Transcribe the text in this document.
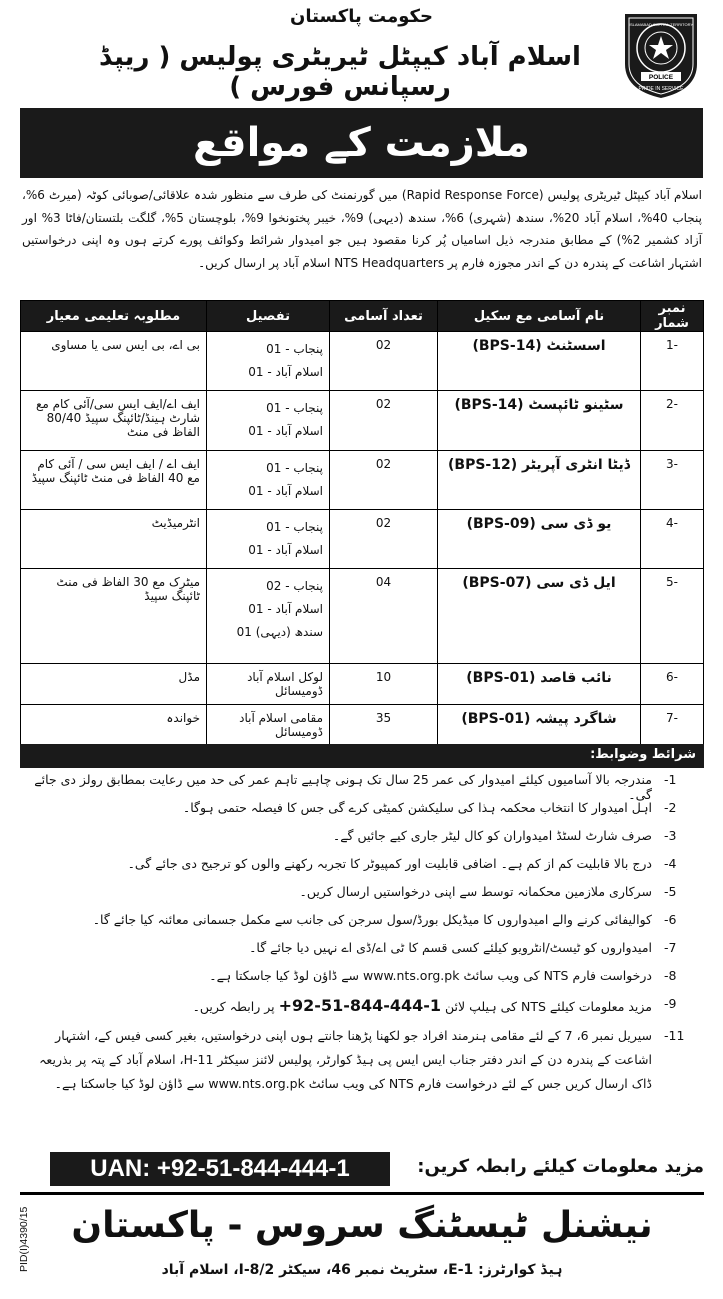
حکومت پاکستان
اسلام آباد کیپٹل ٹیریٹری پولیس ( ریپڈ رسپانس فورس )	POLICE
PRIDE IN SERVICE
ISLAMABAD CAPITAL TERRITORY
ملازمت کے مواقع
اسلام آباد کیپٹل ٹیریٹری پولیس (Rapid Response Force) میں گورنمنٹ کی طرف سے منظور شدہ علاقائی/صوبائی کوٹہ (میرٹ 6%، پنجاب 40%، اسلام آباد 20%، سندھ (شہری) 6%، سندھ (دیہی) 9%، خیبر پختونخوا 9%، بلوچستان 5%، گلگت بلتستان/فاٹا 3% اور آزاد کشمیر 2%) کے مطابق مندرجہ ذیل اسامیاں پُر کرنا مقصود ہیں جو امیدوار شرائط وکوائف پورے کرتے ہوں وہ اپنی درخواستیں اشتہار اشاعت کے پندرہ دن کے اندر مجوزہ فارم پر NTS Headquarters اسلام آباد پر ارسال کریں۔
نمبر شمار	نام آسامی مع سکیل	تعداد آسامی	تفصیل	مطلوبہ تعلیمی معیار
-1	اسسٹنٹ (BPS-14)	02	پنجاب - 01
اسلام آباد - 01	بی اے، بی ایس سی یا مساوی
-2	سٹینو ٹائپسٹ (BPS-14)	02	پنجاب - 01
اسلام آباد - 01	ایف اے/ایف ایس سی/آئی کام مع شارٹ ہینڈ/ٹائپنگ سپیڈ 80/40 الفاظ فی منٹ
-3	ڈیٹا انٹری آپریٹر (BPS-12)	02	پنجاب - 01
اسلام آباد - 01	ایف اے / ایف ایس سی / آئی کام مع 40 الفاظ فی منٹ ٹائپنگ سپیڈ
-4	یو ڈی سی (BPS-09)	02	پنجاب - 01
اسلام آباد - 01	انٹرمیڈیٹ
-5	ایل ڈی سی (BPS-07)	04	پنجاب - 02
اسلام آباد - 01
سندھ (دیہی) 01	میٹرک مع 30 الفاظ فی منٹ ٹائپنگ سپیڈ
-6	نائب قاصد (BPS-01)	10	لوکل اسلام آباد ڈومیسائل	مڈل
-7	شاگرد پیشہ (BPS-01)	35	مقامی اسلام آباد ڈومیسائل	خواندہ
شرائط وضوابط:
-1
مندرجہ بالا آسامیوں کیلئے امیدوار کی عمر 25 سال تک ہونی چاہیے تاہم عمر کی حد میں رعایت بمطابق رولز دی جائے گی۔
-2
اہل امیدوار کا انتخاب محکمہ ہذا کی سلیکشن کمیٹی کرے گی جس کا فیصلہ حتمی ہوگا۔
-3
صرف شارٹ لسٹڈ امیدواران کو کال لیٹر جاری کیے جائیں گے۔
-4
درج بالا قابلیت کم از کم ہے۔ اضافی قابلیت اور کمپیوٹر کا تجربہ رکھنے والوں کو ترجیح دی جائے گی۔
-5
سرکاری ملازمین محکمانہ توسط سے اپنی درخواستیں ارسال کریں۔
-6
کوالیفائی کرنے والے امیدواروں کا میڈیکل بورڈ/سول سرجن کی جانب سے مکمل جسمانی معائنہ کیا جائے گا۔
-7
امیدواروں کو ٹیسٹ/انٹرویو کیلئے کسی قسم کا ٹی اے/ڈی اے نہیں دیا جائے گا۔
-8
درخواست فارم NTS کی ویب سائٹ www.nts.org.pk سے ڈاؤن لوڈ کیا جاسکتا ہے۔
-9
مزید معلومات کیلئے NTS کی ہیلپ لائن +92-51-844-444-1 پر رابطہ کریں۔
-11
سیریل نمبر 6، 7 کے لئے مقامی ہنرمند افراد جو لکھنا پڑھنا جانتے ہوں اپنی درخواستیں، بغیر کسی فیس کے، اشتہار اشاعت کے پندرہ دن کے اندر دفتر جناب ایس ایس پی ہیڈ کوارٹر، پولیس لائنز سیکٹر H-11، اسلام آباد کے پتہ پر بذریعہ ڈاک ارسال کریں جس کے لئے درخواست فارم NTS کی ویب سائٹ www.nts.org.pk سے ڈاؤن لوڈ کیا جاسکتا ہے۔
مزید معلومات کیلئے رابطہ کریں:
UAN: +92-51-844-444-1
نیشنل ٹیسٹنگ سروس - پاکستان
ہیڈ کوارٹرز: E-1، سٹریٹ نمبر 46، سیکٹر I-8/2، اسلام آباد
PID(I)4390/15
